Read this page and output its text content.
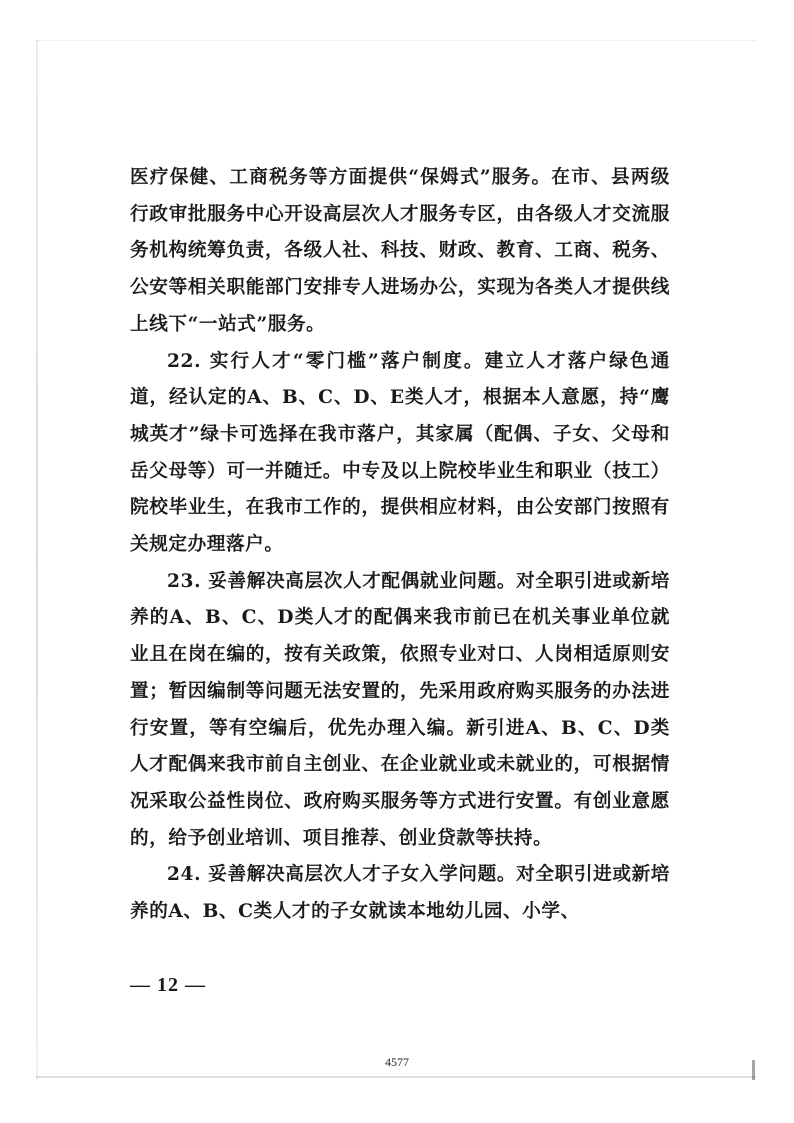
医疗保健、工商税务等方面提供“保姆式”服务。在市、县两级行政审批服务中心开设高层次人才服务专区，由各级人才交流服务机构统筹负责，各级人社、科技、财政、教育、工商、税务、公安等相关职能部门安排专人进场办公，实现为各类人才提供线上线下“一站式”服务。

22. 实行人才“零门槛”落户制度。建立人才落户绿色通道，经认定的A、B、C、D、E类人才，根据本人意愿，持“鹰城英才”绿卡可选择在我市落户，其家属（配偶、子女、父母和岳父母等）可一并随迁。中专及以上院校毕业生和职业（技工）院校毕业生，在我市工作的，提供相应材料，由公安部门按照有关规定办理落户。

23. 妥善解决高层次人才配偶就业问题。对全职引进或新培养的A、B、C、D类人才的配偶来我市前已在机关事业单位就业且在岗在编的，按有关政策，依照专业对口、人岗相适原则安置；暂因编制等问题无法安置的，先采用政府购买服务的办法进行安置，等有空编后，优先办理入编。新引进A、B、C、D类人才配偶来我市前自主创业、在企业就业或未就业的，可根据情况采取公益性岗位、政府购买服务等方式进行安置。有创业意愿的，给予创业培训、项目推荐、创业贷款等扶持。

24. 妥善解决高层次人才子女入学问题。对全职引进或新培养的A、B、C类人才的子女就读本地幼儿园、小学、

— 12 —
4577
